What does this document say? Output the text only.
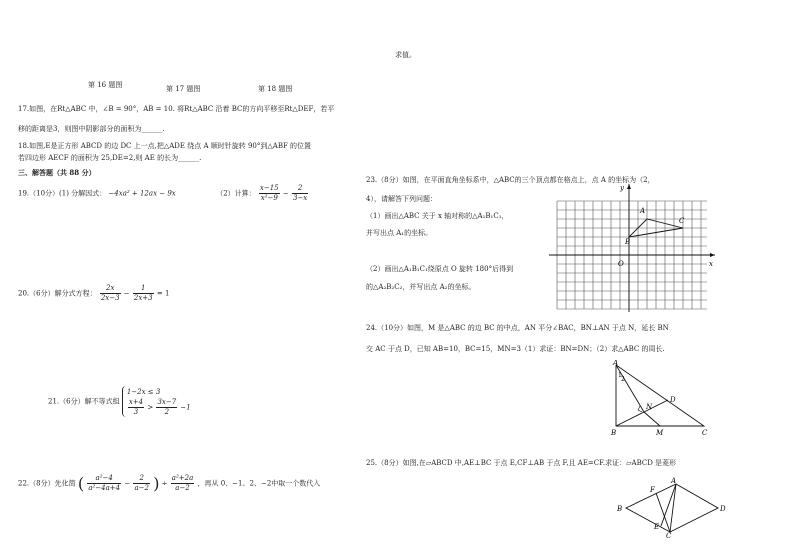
求值。
第 16 题图	第 17 题图	第 18 题图
17.如图，在Rt△ABC 中，∠B = 90°，AB = 10. 将Rt△ABC 沿着 BC的方向平移至Rt△DEF，若平
移的距离是3，则图中阴影部分的面积为______.
18.如图,E是正方形 ABCD 的边 DC 上一点,把△ADE 绕点 A 顺时针旋转 90°到△ABF 的位置
若四边形 AECF 的面积为 25,DE=2,则 AE 的长为______.
三、解答题（共 88 分）
19.（10分）(1) 分解因式： −4xa² + 12ax − 9x	（2）计算： $\frac{x-15}{\text{x²−9}} - \frac{2}{3-x}$
20.（6分）解分式方程： $\frac{2x}{2x-3} - \frac{1}{2x+3} = 1$
21.（6分）解不等式组
1−2x ≤ 3
$\frac{x+4}{3} > \frac{3x-7}{2} -1$
22.（8分）先化简 ( $\frac{\text{a²−4}}{\text{a²−4a+4}} - \frac{2}{a-2}$ ) ÷ $\frac{\text{a²+2a}}{a-2}$ ，再从 0、−1、2、−2中取一个数代入
23.（8分）如图，在平面直角坐标系中，△ABC的三个顶点都在格点上，点 A 的坐标为（2，
4），请解答下列问题：
（1）画出△ABC 关于 x 轴对称的△A₁B₁C₁，
并写出点 A₁的坐标。
（2）画出△A₁B₁C₁绕原点 O 旋转 180°后得到
的△A₂B₂C₂，并写出点 A₂的坐标。
x
y
O
A
B
C
24.（10分）如图，M 是△ABC 的边 BC 的中点，AN 平分∠BAC，BN⊥AN 于点 N，延长 BN
交 AC 于点 D，已知 AB=10，BC=15，MN=3（1）求证：BN=DN；（2）求△ABC 的周长.
A
1
2
D
N
B	M	C
25.（8分）如图,在▱ABCD 中,AE⊥BC 于点 E,CF⊥AB 于点 F,且 AE=CF.求证：▱ABCD 是菱形
B
A
D
C
F
E
